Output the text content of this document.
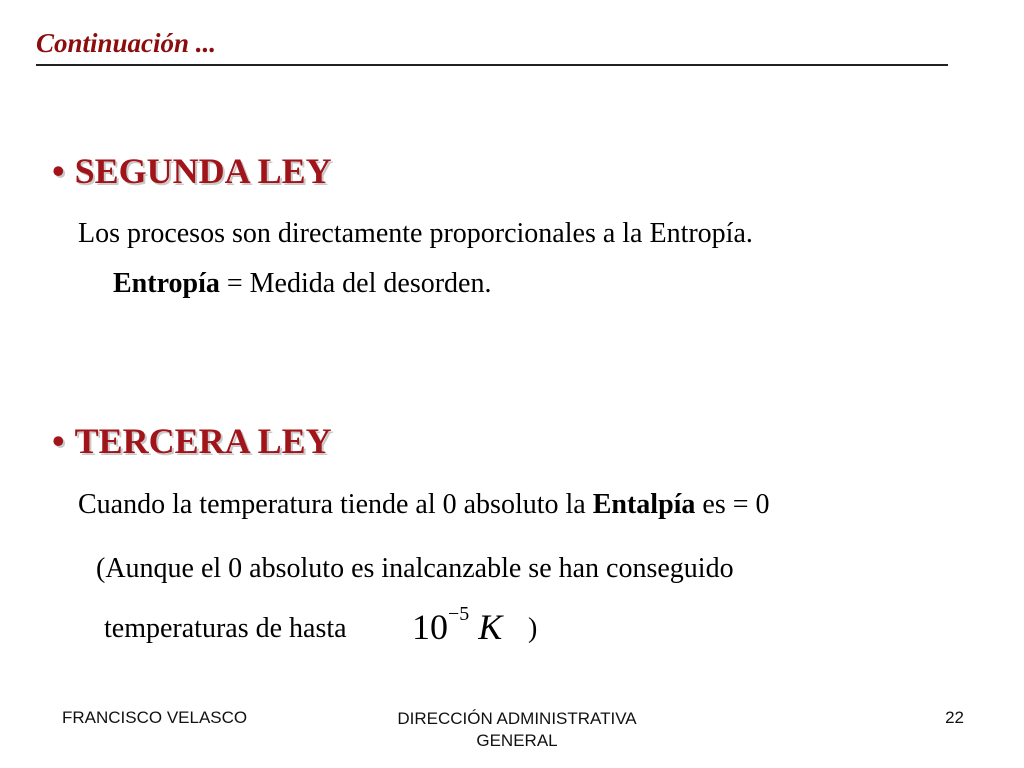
Continuación ...
• SEGUNDA LEY
Los procesos son directamente proporcionales a la Entropía.
Entropía = Medida del desorden.
• TERCERA LEY
Cuando la temperatura tiende al 0 absoluto la Entalpía es = 0
(Aunque el 0 absoluto es inalcanzable se han conseguido
temperaturas de hasta $10^{-5}$ K )
FRANCISCO VELASCO	DIRECCIÓN ADMINISTRATIVA
GENERAL
22
